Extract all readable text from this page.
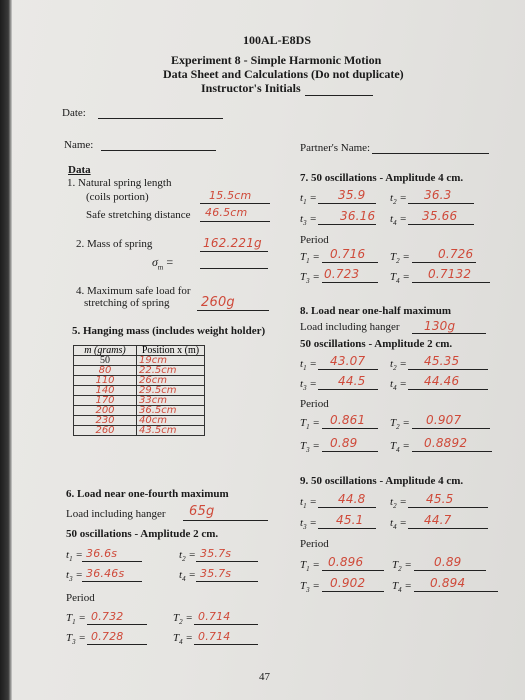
100AL-E8DS
Experiment 8 - Simple Harmonic Motion
Data Sheet and Calculations (Do not duplicate)
Instructor's Initials
Date:
Name:	Partner's Name:
Data
1. Natural spring length
(coils portion)	15.5cm
Safe stretching distance 46.5cm
2. Mass of spring	162.221g
$\sigma_m$ =
4. Maximum safe load for
stretching of spring 260g
5. Hanging mass (includes weight holder)
m (grams)	Position x (m)
50	19cm
80	22.5cm
110	26cm
140	29.5cm
170	33cm
200	36.5cm
230	40cm
260	43.5cm
6. Load near one-fourth maximum
Load including hanger 65g
50 oscillations - Amplitude 2 cm.
$t_1 = 36.6s$	$t_2 = 35.7s$
$t_3 = 36.46s$	$t_4 = 35.7s$
Period
$T_1 = 0.732$	$T_2 = 0.714$
$T_3 = 0.728$	$T_4 = 0.714$
7. 50 oscillations - Amplitude 4 cm.
$t_1 = 35.9$ $t_2 = 36.3$
$t_3 = 36.16$ $t_4 = 35.66$
Period
$T_1 = 0.716$ $T_2 = 0.726$
$T_3 = 0.723$	$T_4 = 0.7132$
8. Load near one-half maximum
Load including hanger 130g
50 oscillations - Amplitude 2 cm.
$t_1 = 43.07$ $t_2 = 45.35$
$t_3 = 44.5$ $t_4 = 44.46$
Period
$T_1 = 0.861$ $T_2 = 0.907$
$T_3 = 0.89$	$T_4 = 0.8892$
9. 50 oscillations - Amplitude 4 cm.
$t_1 = 44.8$ $t_2 = 45.5$
$t_3 = 45.1$ $t_4 = 44.7$
Period
$T_1 = 0.896$	$T_2 = 0.89$
$T_3 = 0.902$ $T_4 = 0.894$
47
